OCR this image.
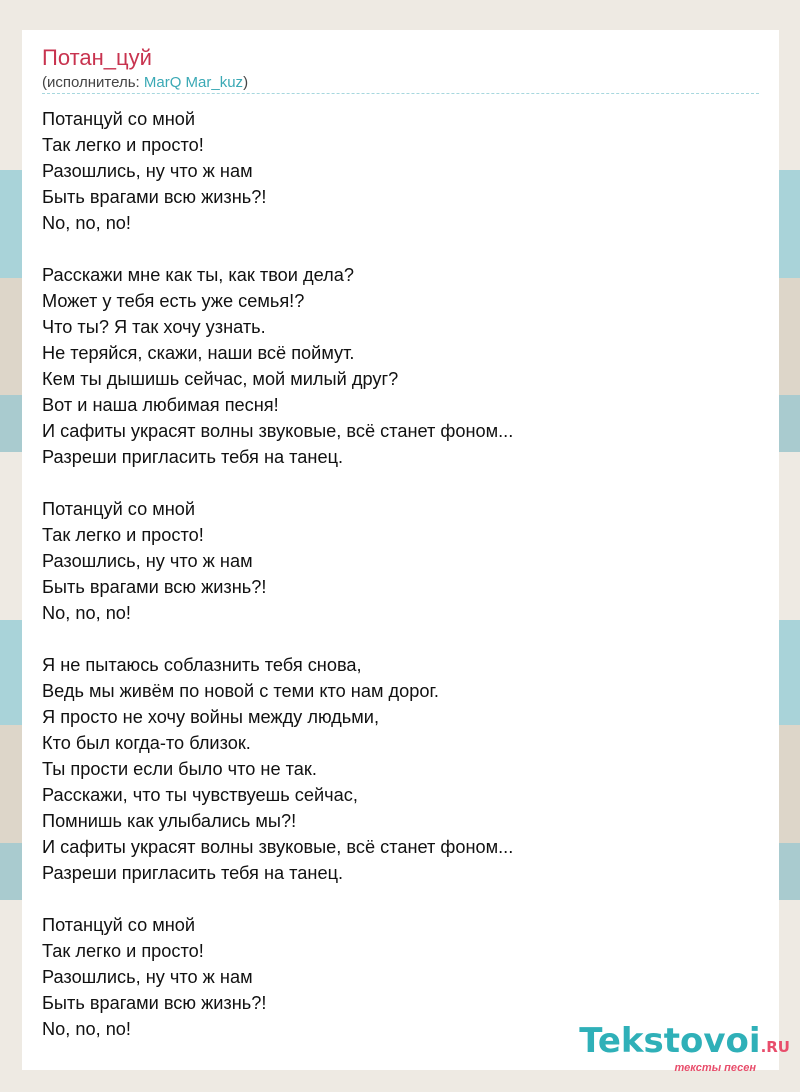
Потан_цуй
(исполнитель: MarQ Mar_kuz)
Потанцуй со мной
Так легко и просто!
Разошлись, ну что ж нам
Быть врагами всю жизнь?!
No, no, no!
Расскажи мне как ты, как твои дела?
Может у тебя есть уже семья!?
Что ты? Я так хочу узнать.
Не теряйся, скажи, наши всё поймут.
Кем ты дышишь сейчас, мой милый друг?
Вот и наша любимая песня!
И сафиты украсят волны звуковые, всё станет фоном...
Разреши пригласить тебя на танец.
Потанцуй со мной
Так легко и просто!
Разошлись, ну что ж нам
Быть врагами всю жизнь?!
No, no, no!
Я не пытаюсь соблазнить тебя снова,
Ведь мы живём по новой с теми кто нам дорог.
Я просто не хочу войны между людьми,
Кто был когда-то близок.
Ты прости если было что не так.
Расскажи, что ты чувствуешь сейчас,
Помнишь как улыбались мы?!
И сафиты украсят волны звуковые, всё станет фоном...
Разреши пригласить тебя на танец.
Потанцуй со мной
Так легко и просто!
Разошлись, ну что ж нам
Быть врагами всю жизнь?!
No, no, no!	Tekstovoi.RU
тексты песен
